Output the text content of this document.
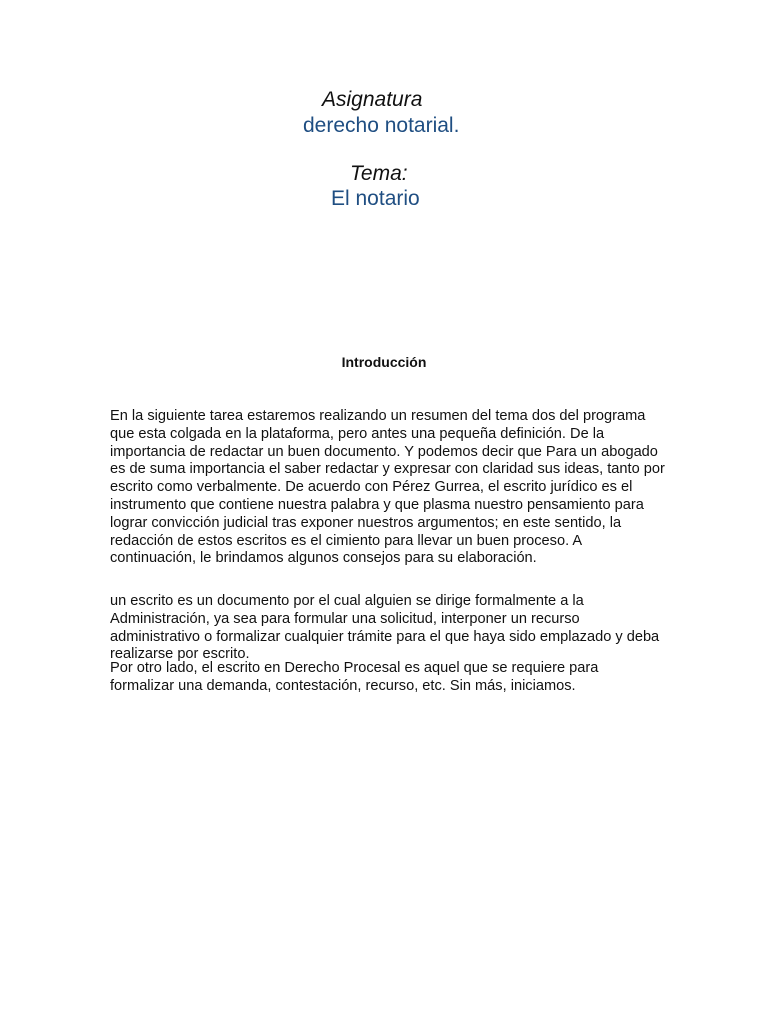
Asignatura
derecho notarial.
Tema:
El notario
Introducción

En la siguiente tarea estaremos realizando un resumen del tema dos del programa que esta colgada en la plataforma, pero antes una pequeña definición. De la importancia de redactar un buen documento. Y podemos decir que Para un abogado es de suma importancia el saber redactar y expresar con claridad sus ideas, tanto por escrito como verbalmente. De acuerdo con Pérez Gurrea, el escrito jurídico es el instrumento que contiene nuestra palabra y que plasma nuestro pensamiento para lograr convicción judicial tras exponer nuestros argumentos; en este sentido, la redacción de estos escritos es el cimiento para llevar un buen proceso. A continuación, le brindamos algunos consejos para su elaboración.

un escrito es un documento por el cual alguien se dirige formalmente a la Administración, ya sea para formular una solicitud, interponer un recurso administrativo o formalizar cualquier trámite para el que haya sido emplazado y deba realizarse por escrito.

Por otro lado, el escrito en Derecho Procesal es aquel que se requiere para formalizar una demanda, contestación, recurso, etc. Sin más, iniciamos.
